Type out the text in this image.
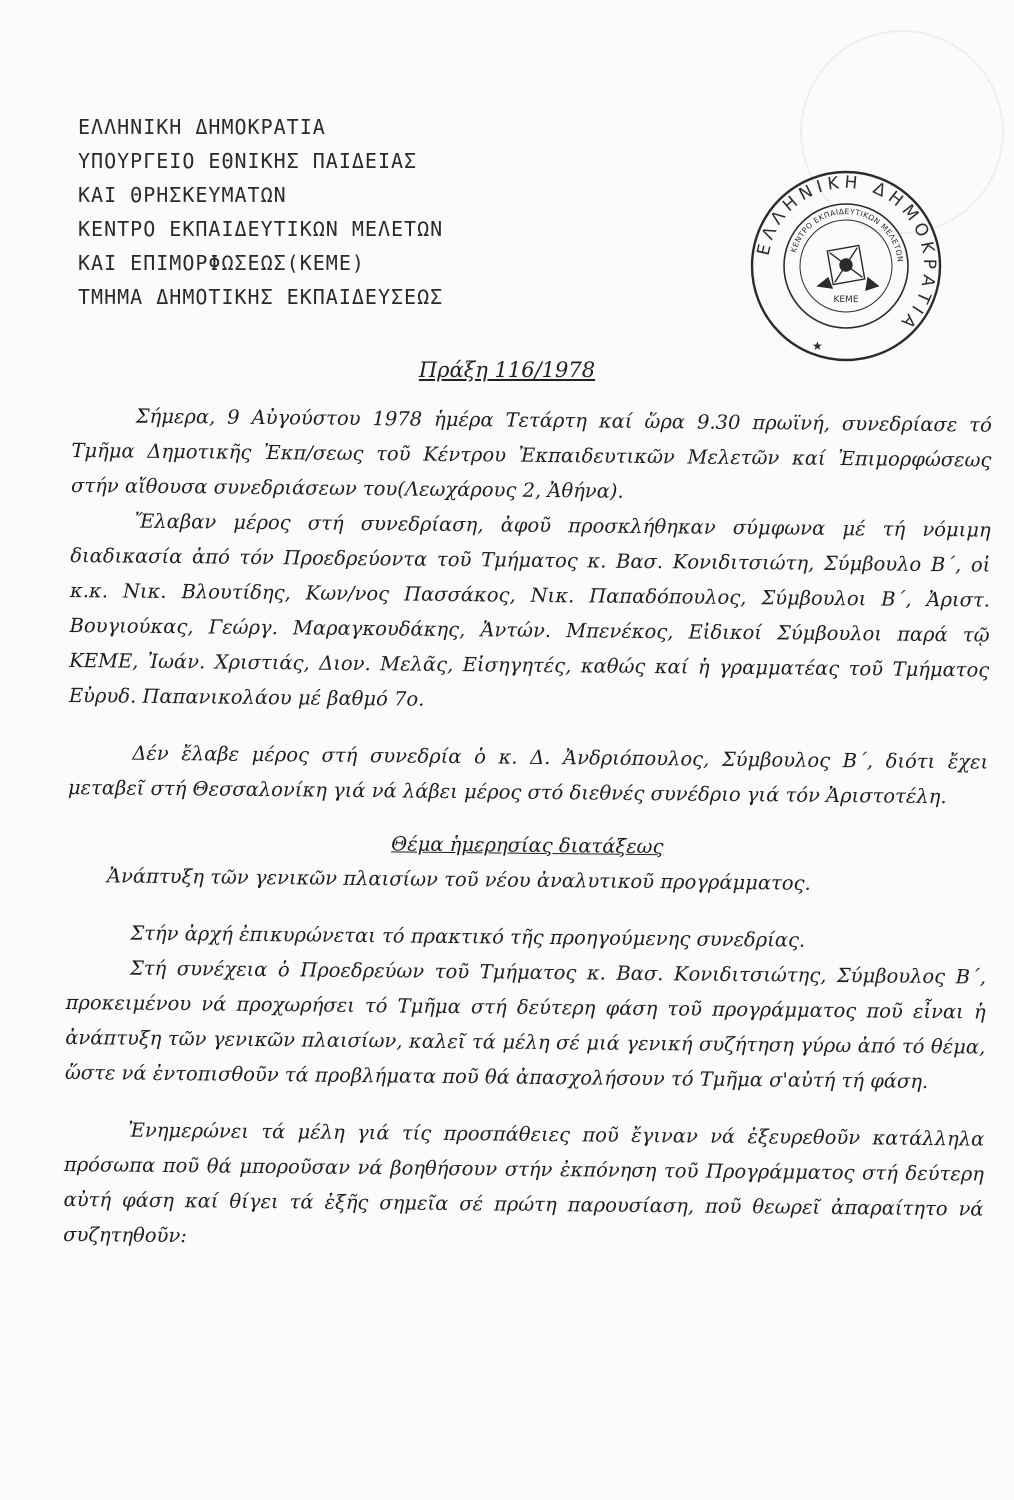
ΕΛΛΗΝΙΚΗ ΔΗΜΟΚΡΑΤΙΑ
ΥΠΟΥΡΓΕΙΟ ΕΘΝΙΚΗΣ ΠΑΙΔΕΙΑΣ
ΚΑΙ ΘΡΗΣΚΕΥΜΑΤΩΝ
ΚΕΝΤΡΟ ΕΚΠΑΙΔΕΥΤΙΚΩΝ ΜΕΛΕΤΩΝ
ΚΑΙ ΕΠΙΜΟΡΦΩΣΕΩΣ(ΚΕΜΕ)
ΤΜΗΜΑ ΔΗΜΟΤΙΚΗΣ ΕΚΠΑΙΔΕΥΣΕΩΣ
ΕΛΛΗΝΙΚΗ ΔΗΜΟΚΡΑΤΙΑ
ΚΕΝΤΡΟ ΕΚΠΑΙΔΕΥΤΙΚΩΝ ΜΕΛΕΤΩΝ
ΚΕΜΕ
★
Πράξη 116/1978

Σήμερα, 9 Αὐγούστου 1978 ἡμέρα Τετάρτη καί ὥρα 9.30 πρωϊνή, συνεδρίασε τό Τμῆμα Δημοτικῆς Ἐκπ/σεως τοῦ Κέντρου Ἐκπαιδευτικῶν Μελετῶν καί Ἐπιμορφώσεως στήν αἴθουσα συνεδριάσεων του(Λεωχάρους 2, Ἀθήνα).

Ἔλαβαν μέρος στή συνεδρίαση, ἀφοῦ προσκλήθηκαν σύμφωνα μέ τή νόμιμη διαδικασία ἀπό τόν Προεδρεύοντα τοῦ Τμήματος κ. Βασ. Κονιδιτσιώτη, Σύμβουλο Β΄, οἱ κ.κ. Νικ. Βλουτίδης, Κων/νος Πασσάκος, Νικ. Παπαδόπουλος, Σύμβουλοι Β΄, Ἀριστ. Βουγιούκας, Γεώργ. Μαραγκουδάκης, Ἀντών. Μπενέκος, Εἰδικοί Σύμβουλοι παρά τῷ ΚΕΜΕ, Ἰωάν. Χριστιάς, Διον. Μελᾶς, Εἰσηγητές, καθώς καί ἡ γραμματέας τοῦ Τμήματος Εὐρυδ. Παπανικολάου μέ βαθμό 7ο.

Δέν ἔλαβε μέρος στή συνεδρία ὁ κ. Δ. Ἀνδριόπουλος, Σύμβουλος Β΄, διότι ἔχει μεταβεῖ στή Θεσσαλονίκη γιά νά λάβει μέρος στό διεθνές συνέδριο γιά τόν Ἀριστοτέλη.

Θέμα ἡμερησίας διατάξεως

Ἀνάπτυξη τῶν γενικῶν πλαισίων τοῦ νέου ἀναλυτικοῦ προγράμματος.

Στήν ἀρχή ἐπικυρώνεται τό πρακτικό τῆς προηγούμενης συνεδρίας.

Στή συνέχεια ὁ Προεδρεύων τοῦ Τμήματος κ. Βασ. Κονιδιτσιώτης, Σύμβουλος Β΄, προκειμένου νά προχωρήσει τό Τμῆμα στή δεύτερη φάση τοῦ προγράμματος ποῦ εἶναι ἡ ἀνάπτυξη τῶν γενικῶν πλαισίων, καλεῖ τά μέλη σέ μιά γενική συζήτηση γύρω ἀπό τό θέμα, ὥστε νά ἐντοπισθοῦν τά προβλήματα ποῦ θά ἀπασχολήσουν τό Τμῆμα σ'αὐτή τή φάση.

Ἐνημερώνει τά μέλη γιά τίς προσπάθειες ποῦ ἔγιναν νά ἐξευρεθοῦν κατάλληλα πρόσωπα ποῦ θά μποροῦσαν νά βοηθήσουν στήν ἐκπόνηση τοῦ Προγράμματος στή δεύτερη αὐτή φάση καί θίγει τά ἑξῆς σημεῖα σέ πρώτη παρουσίαση, ποῦ θεωρεῖ ἀπαραίτητο νά συζητηθοῦν:
